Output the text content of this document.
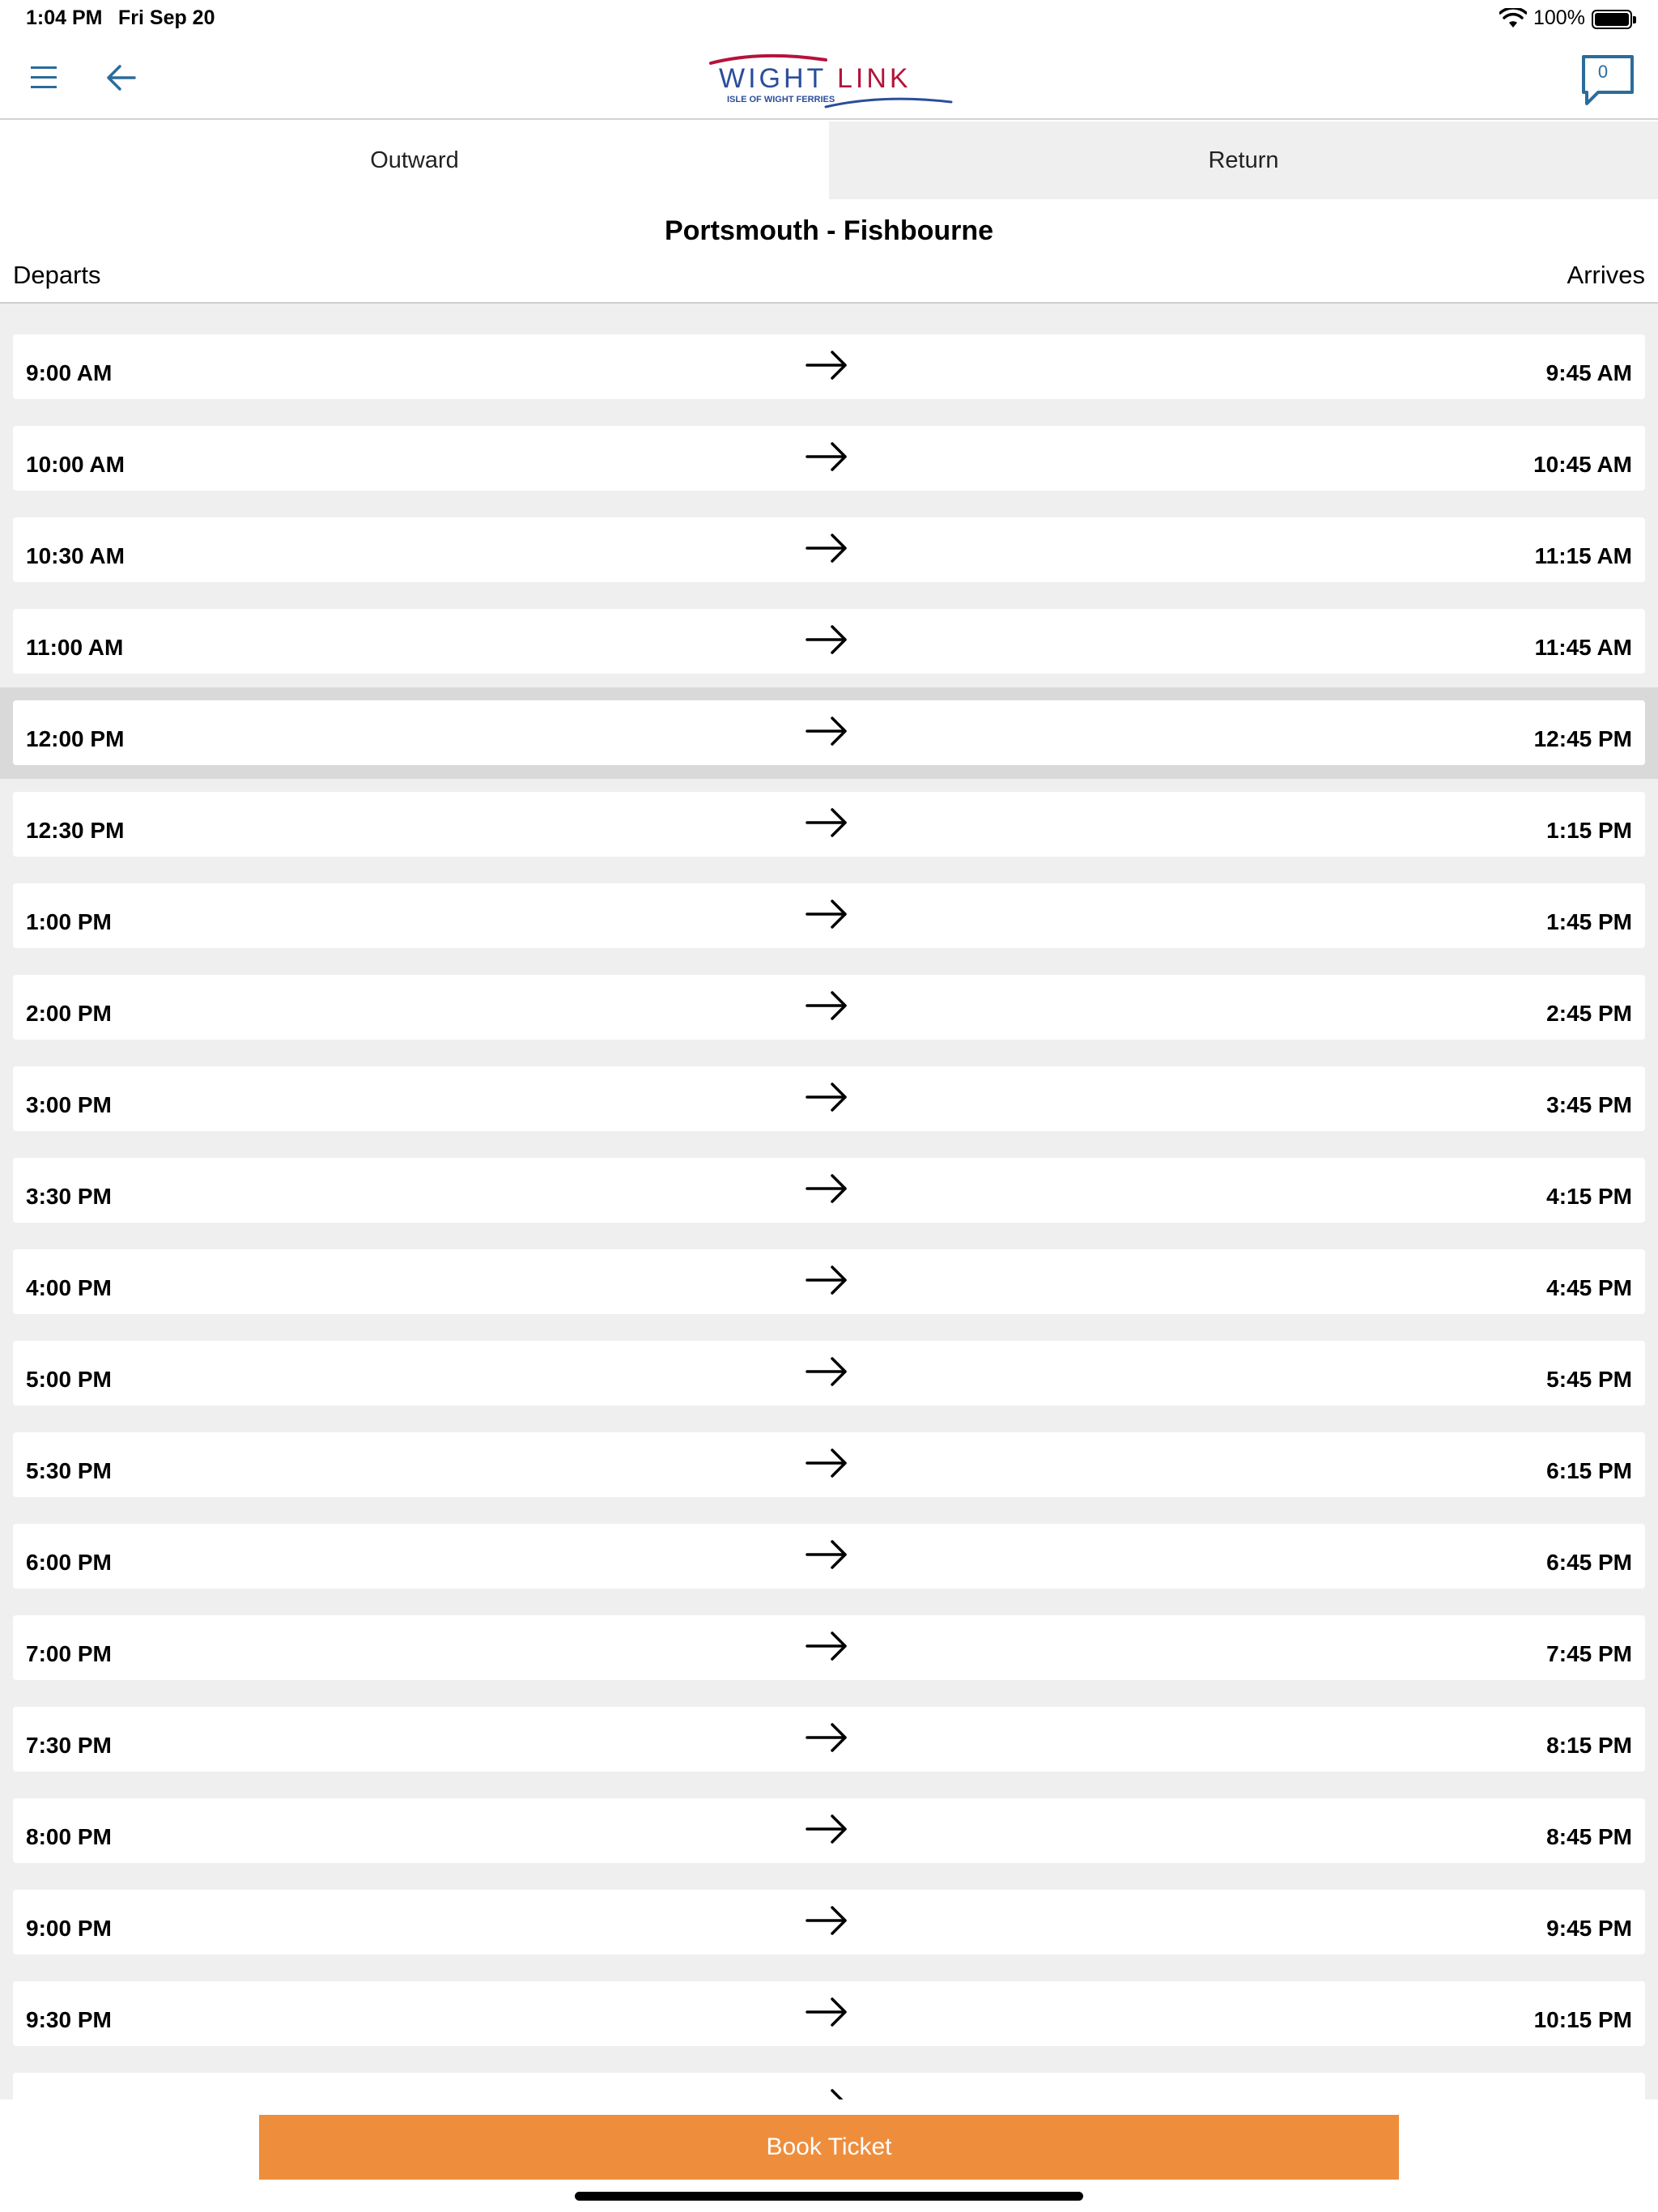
1:04 PM Fri Sep 20	100%
WIGHT LINK
ISLE OF WIGHT FERRIES
0
Outward	Return
Portsmouth - Fishbourne
Departs	Arrives
9:00 AM	9:45 AM
10:00 AM	10:45 AM
10:30 AM	11:15 AM
11:00 AM	11:45 AM
12:00 PM	12:45 PM
12:30 PM	1:15 PM
1:00 PM	1:45 PM
2:00 PM	2:45 PM
3:00 PM	3:45 PM
3:30 PM	4:15 PM
4:00 PM	4:45 PM
5:00 PM	5:45 PM
5:30 PM	6:15 PM
6:00 PM	6:45 PM
7:00 PM	7:45 PM
7:30 PM	8:15 PM
8:00 PM	8:45 PM
9:00 PM	9:45 PM
9:30 PM	10:15 PM
Book Ticket
